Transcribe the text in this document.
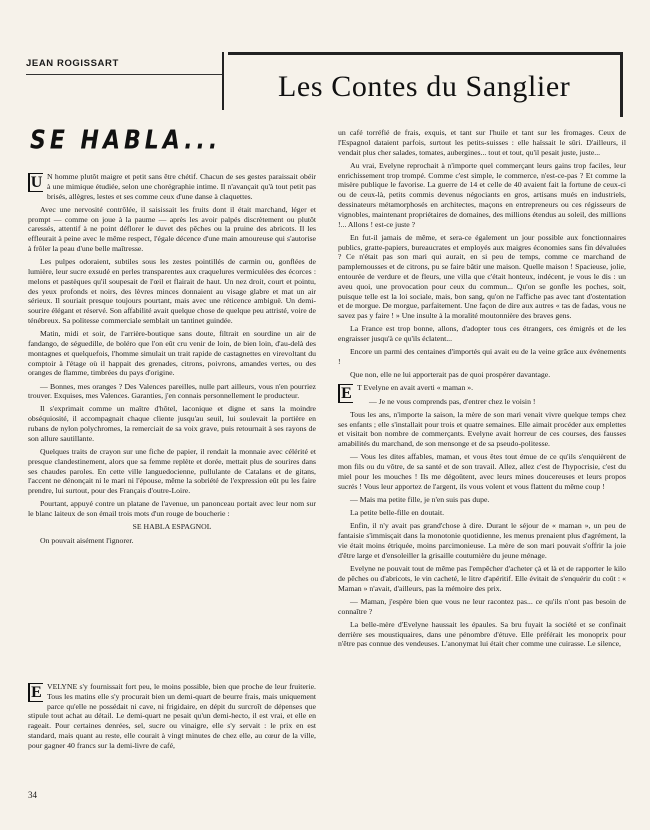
JEAN ROGISSART
Les Contes du Sanglier
SE HABLA...

U N homme plutôt maigre et petit sans être chétif. Chacun de ses gestes paraissait obéir à une mimique étudiée, selon une chorégraphie intime. Il n'avançait qu'à tout petit pas brisés, allègres, lestes et ses comme ceux d'une danse à claquettes.

Avec une nervosité contrôlée, il saisissait les fruits dont il était marchand, léger et prompt — comme on joue à la paume — après les avoir palpés discrètement ou plutôt caressés, attentif à ne point déflorer le duvet des pêches ou la pruine des abricots. Il les effleurait à peine avec le même respect, l'égale décence d'une main amoureuse qui s'autorise à frôler la peau d'une belle maîtresse.

Les pulpes odoraient, subtiles sous les zestes pointillés de carmin ou, gonflées de lumière, leur sucre exsudé en perles transparentes aux craquelures vermiculées des écorces : melons et pastèques qu'il soupesait de l'œil et flairait de haut. Un nez droit, court et pointu, des yeux profonds et noirs, des lèvres minces donnaient au visage glabre et mat un air sérieux. Il souriait presque toujours pourtant, mais avec une réticence ambiguë. Un demi-sourire élégant et réservé. Son affabilité avait quelque chose de quelque peu attristé, voire de ténébreux. Sa politesse commerciale semblait un tantinet guindée.

Matin, midi et soir, de l'arrière-boutique sans doute, filtrait en sourdine un air de fandango, de séguedille, de boléro que l'on eût cru venir de loin, de bien loin, d'au-delà des montagnes et quelquefois, l'homme simulait un trait rapide de castagnettes en virevoltant du comptoir à l'étage où il happait des grenades, citrons, poivrons, amandes vertes, ou des oranges de flamme, timbrées du pays d'origine.

— Bonnes, mes oranges ? Des Valences pareilles, nulle part ailleurs, vous n'en pourriez trouver. Exquises, mes Valences. Garanties, j'en connais personnellement le producteur.

Il s'exprimait comme un maître d'hôtel, laconique et digne et sans la moindre obséquiosité, il accompagnait chaque cliente jusqu'au seuil, lui soulevait la portière en rubans de nylon polychromes, la remerciait de sa voix grave, puis retournait à ses rayons de son allure sautillante.

Quelques traits de crayon sur une fiche de papier, il rendait la monnaie avec célérité et presque clandestinement, alors que sa femme replète et dorée, mettait plus de sourires dans ses chaudes paroles. En cette ville languedocienne, pullulante de Catalans et de gitans, l'accent ne dénonçait ni le mari ni l'épouse, même la sobriété de l'expression eût pu les faire prendre, lui surtout, pour des Français d'outre-Loire.

Pourtant, appuyé contre un platane de l'avenue, un panonceau portait avec leur nom sur le blanc laiteux de son émail trois mots d'un rouge de boucherie :

SE HABLA ESPAGNOL

On pouvait aisément l'ignorer.

E VELYNE s'y fournissait fort peu, le moins possible, bien que proche de leur fruiterie. Tous les matins elle s'y procurait bien un demi-quart de beurre frais, mais uniquement parce qu'elle ne possédait ni cave, ni frigidaire, en dépit du surcroît de dépenses que stipule tout achat au détail. Le demi-quart ne pesait qu'un demi-hecto, il est vrai, et elle en rageait. Pour certaines denrées, sel, sucre ou vinaigre, elle s'y servait : le prix en est standard, mais quant au reste, elle courait à vingt minutes de chez elle, au cœur de la ville, pour gagner 40 francs sur la demi-livre de café,

un café torréfié de frais, exquis, et tant sur l'huile et tant sur les fromages. Ceux de l'Espagnol dataient parfois, surtout les petits-suisses : elle haïssait le sûri. D'ailleurs, il vendait plus cher salades, tomates, aubergines... tout et tout, qu'il pesait juste, juste...

Au vrai, Evelyne reprochait à n'importe quel commerçant leurs gains trop faciles, leur enrichissement trop trompé. Comme c'est simple, le commerce, n'est-ce-pas ? Et comme la misère publique le favorise. La guerre de 14 et celle de 40 avaient fait la fortune de ceux-ci ou de ceux-là, petits commis devenus négociants en gros, artisans mués en industriels, dessinateurs métamorphosés en architectes, maçons en entrepreneurs ou ces régisseurs de vignobles, maintenant propriétaires de domaines, des millions étendus au soleil, des millions !... Allons ! est-ce juste ?

En fut-il jamais de même, et sera-ce également un jour possible aux fonctionnaires publics, gratte-papiers, bureaucrates et employés aux maigres économies sans fin dévaluées ? Ce n'était pas son mari qui aurait, en si peu de temps, comme ce marchand de pamplemousses et de citrons, pu se faire bâtir une maison. Quelle maison ! Spacieuse, jolie, entourée de verdure et de fleurs, une villa que c'était honteux, indécent, je vous le dis : un aveu quoi, une provocation pour ceux du commun... Qu'on se gonfle les poches, soit, puisque telle est la loi sociale, mais, bon sang, qu'on ne l'affiche pas avec tant d'ostentation et de morgue. De morgue, parfaitement. Une façon de dire aux autres « tas de fadas, vous ne savez pas y faire ! » Une insulte à la moralité moutonnière des braves gens.

La France est trop bonne, allons, d'adopter tous ces étrangers, ces émigrés et de les engraisser jusqu'à ce qu'ils éclatent...

Encore un parmi des centaines d'importés qui avait eu de la veine grâce aux événements !

Que non, elle ne lui apporterait pas de quoi prospérer davantage.

E T Evelyne en avait averti « maman ».

— Je ne vous comprends pas, d'entrer chez le voisin !

Tous les ans, n'importe la saison, la mère de son mari venait vivre quelque temps chez ses enfants ; elle s'installait pour trois et quatre semaines. Elle aimait procéder aux emplettes et visitait bon nombre de commerçants. Evelyne avait horreur de ces courses, des fausses amabilités du marchand, de son mensonge et de sa pseudo-politesse.

— Vous les dites affables, maman, et vous êtes tout émue de ce qu'ils s'enquièrent de mon fils ou du vôtre, de sa santé et de son travail. Allez, allez c'est de l'hypocrisie, c'est du miel pour les mouches ! Ils me dégoûtent, avec leurs mines doucereuses et leurs propos sucrés ! Vous leur apportez de l'argent, ils vous volent et vous flattent du même coup !

— Mais ma petite fille, je n'en suis pas dupe.

La petite belle-fille en doutait.

Enfin, il n'y avait pas grand'chose à dire. Durant le séjour de « maman », un peu de fantaisie s'immisçait dans la monotonie quotidienne, les menus prenaient plus d'agrément, la vie était moins étriquée, moins parcimonieuse. La mère de son mari pouvait s'offrir la joie d'être large et d'ensoleiller la grisaille coutumière du jeune ménage.

Evelyne ne pouvait tout de même pas l'empêcher d'acheter çà et là et de rapporter le kilo de pêches ou d'abricots, le vin cacheté, le litre d'apéritif. Elle évitait de s'enquérir du coût : « Maman » n'avait, d'ailleurs, pas la mémoire des prix.

— Maman, j'espère bien que vous ne leur racontez pas... ce qu'ils n'ont pas besoin de connaître ?

La belle-mère d'Evelyne haussait les épaules. Sa bru fuyait la société et se confinait derrière ses moustiquaires, dans une pénombre d'étuve. Elle préférait les monoprix pour n'être pas connue des vendeuses. L'anonymat lui était cher comme une cuirasse. Le silence,

34
